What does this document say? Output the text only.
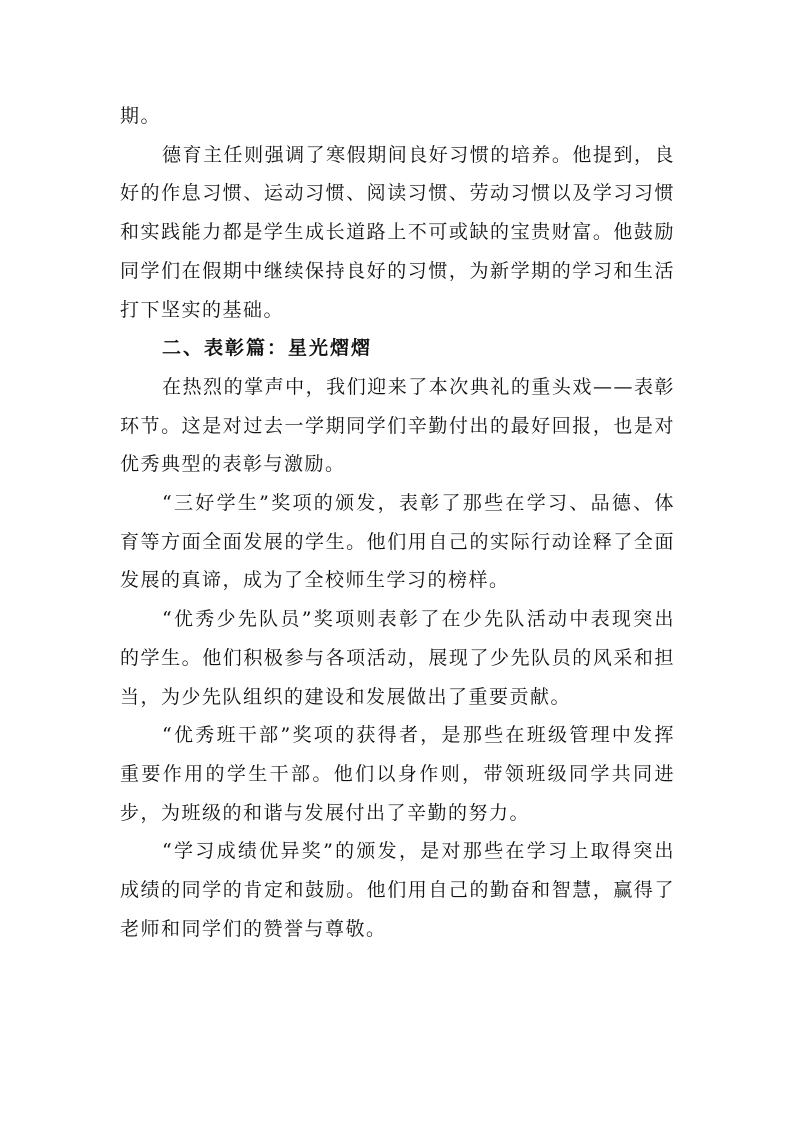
期。

德育主任则强调了寒假期间良好习惯的培养。他提到，良好的作息习惯、运动习惯、阅读习惯、劳动习惯以及学习习惯和实践能力都是学生成长道路上不可或缺的宝贵财富。他鼓励同学们在假期中继续保持良好的习惯，为新学期的学习和生活打下坚实的基础。

二、表彰篇：星光熠熠

在热烈的掌声中，我们迎来了本次典礼的重头戏——表彰环节。这是对过去一学期同学们辛勤付出的最好回报，也是对优秀典型的表彰与激励。

“三好学生”奖项的颁发，表彰了那些在学习、品德、体育等方面全面发展的学生。他们用自己的实际行动诠释了全面发展的真谛，成为了全校师生学习的榜样。

“优秀少先队员”奖项则表彰了在少先队活动中表现突出的学生。他们积极参与各项活动，展现了少先队员的风采和担当，为少先队组织的建设和发展做出了重要贡献。

“优秀班干部”奖项的获得者，是那些在班级管理中发挥重要作用的学生干部。他们以身作则，带领班级同学共同进步，为班级的和谐与发展付出了辛勤的努力。

“学习成绩优异奖”的颁发，是对那些在学习上取得突出成绩的同学的肯定和鼓励。他们用自己的勤奋和智慧，赢得了老师和同学们的赞誉与尊敬。
